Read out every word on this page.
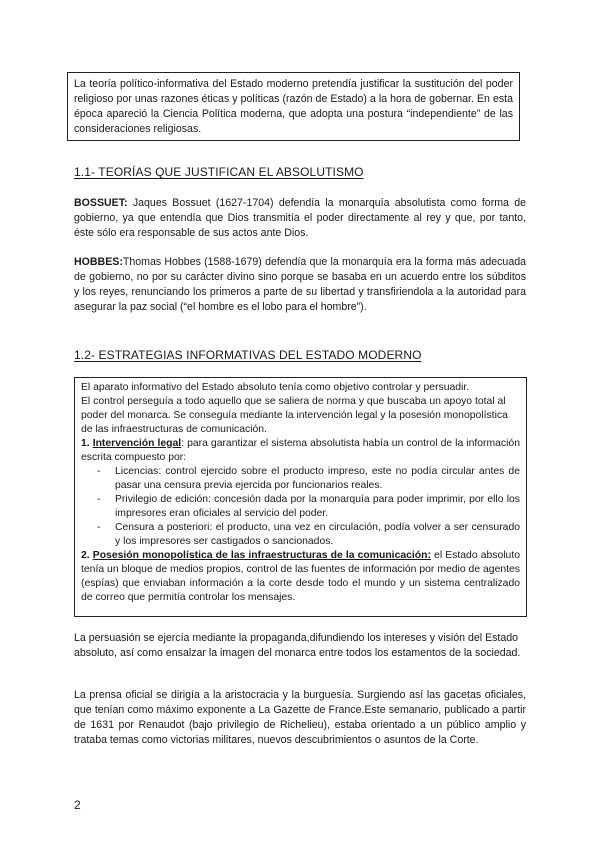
La teoría político-informativa del Estado moderno pretendía justificar la sustitución del poder religioso por unas razones éticas y políticas (razón de Estado) a la hora de gobernar. En esta época apareció la Ciencia Política moderna, que adopta una postura “independiente” de las consideraciones religiosas.
1.1- TEORÍAS QUE JUSTIFICAN EL ABSOLUTISMO
BOSSUET: Jaques Bossuet (1627-1704) defendía la monarquía absolutista como forma de gobierno, ya que entendía que Dios transmitía el poder directamente al rey y que, por tanto, éste sólo era responsable de sus actos ante Dios.
HOBBES:Thomas Hobbes (1588-1679) defendía que la monarquía era la forma más adecuada de gobierno, no por su carácter divino sino porque se basaba en un acuerdo entre los súbditos y los reyes, renunciando los primeros a parte de su libertad y transfiriendola a la autoridad para asegurar la paz social (“el hombre es el lobo para el hombre”).
1.2- ESTRATEGIAS INFORMATIVAS DEL ESTADO MODERNO
El aparato informativo del Estado absoluto tenía como objetivo controlar y persuadir.
El control perseguía a todo aquello que se saliera de norma y que buscaba un apoyo total al poder del monarca. Se conseguía mediante la intervención legal y la posesión monopolística de las infraestructuras de comunicación.
1. Intervención legal: para garantizar el sistema absolutista había un control de la información escrita compuesto por:
- Licencias: control ejercido sobre el producto impreso, este no podía circular antes de pasar una censura previa ejercida por funcionarios reales.
- Privilegio de edición: concesión dada por la monarquía para poder imprimir, por ello los impresores eran oficiales al servicio del poder.
- Censura a posteriori: el producto, una vez en circulación, podía volver a ser censurado y los impresores ser castigados o sancionados.
2. Posesión monopolística de las infraestructuras de la comunicación: el Estado absoluto tenía un bloque de medios propios, control de las fuentes de información por medio de agentes (espías) que enviaban información a la corte desde todo el mundo y un sistema centralizado de correo que permitía controlar los mensajes.
La persuasión se ejercía mediante la propaganda,difundiendo los intereses y visión del Estado absoluto, así como ensalzar la imagen del monarca entre todos los estamentos de la sociedad.
La prensa oficial se dirigía a la aristocracia y la burguesía. Surgiendo así las gacetas oficiales, que tenían como máximo exponente a La Gazette de France.Este semanario, publicado a partir de 1631 por Renaudot (bajo privilegio de Richelieu), estaba orientado a un público amplio y trataba temas como victorias militares, nuevos descubrimientos o asuntos de la Corte.
2
